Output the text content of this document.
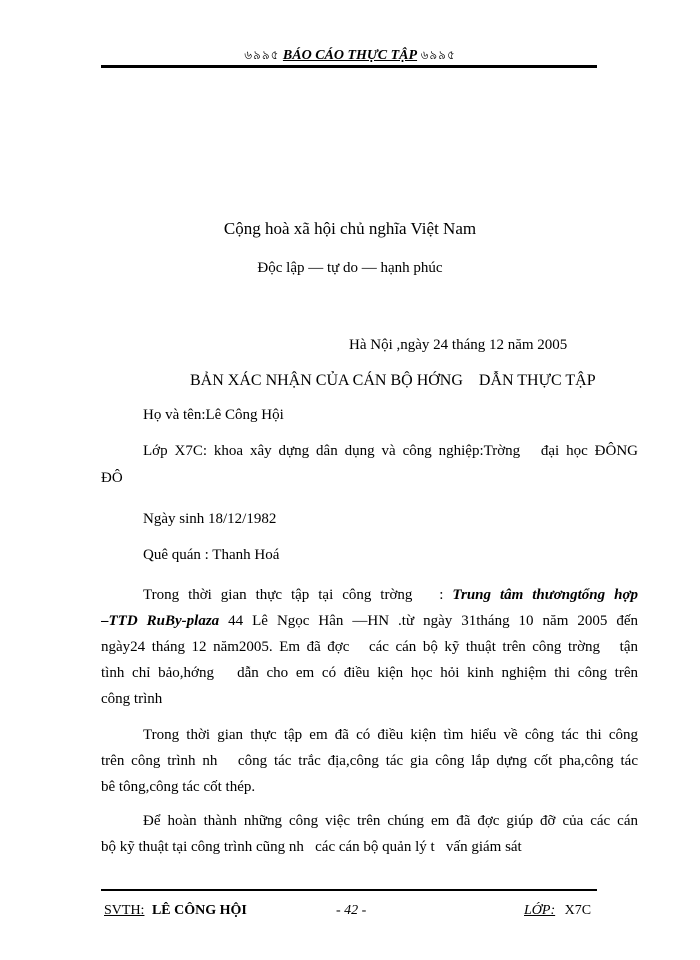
৬৯৯৫ BÁO CÁO THỰC TẬP ৬৯৯৫
Cộng hoà xã hội chủ nghĩa Việt Nam
Độc lập — tự do — hạnh phúc
Hà Nội ,ngày 24 tháng 12 năm 2005
BẢN XÁC NHẬN CỦA CÁN BỘ HỚNG    DẪN THỰC TẬP
Họ và tên:Lê Công Hội
Lớp X7C: khoa xây dựng dân dụng và công nghiệp:Trờng   đại học ĐÔNG
ĐÔ
Ngày sinh 18/12/1982
Quê quán : Thanh Hoá
Trong thời gian thực tập tại công trờng   : Trung tâm thươngtổng hợp
–TTD RuBy-plaza 44 Lê Ngọc Hân —HN .từ ngày 31tháng 10 năm 2005 đến
ngày24 tháng 12 năm2005. Em đã đợc   các cán bộ kỹ thuật trên công trờng   tận
tình chỉ bảo,hớng   dẫn cho em có điều kiện học hỏi kinh nghiệm thi công trên
công trình
Trong thời gian thực tập em đã có điều kiện tìm hiểu về công tác thi công
trên công trình nh   công tác trắc địa,công tác gia công lắp dựng cốt pha,công tác
bê tông,công tác cốt thép.
Để hoàn thành những công việc trên chúng em đã đợc giúp đỡ của các cán
bộ kỹ thuật tại công trình cũng nh   các cán bộ quản lý t   vấn giám sát
SVTH: LÊ CÔNG HỘI	- 42 -	LỚP: X7C
